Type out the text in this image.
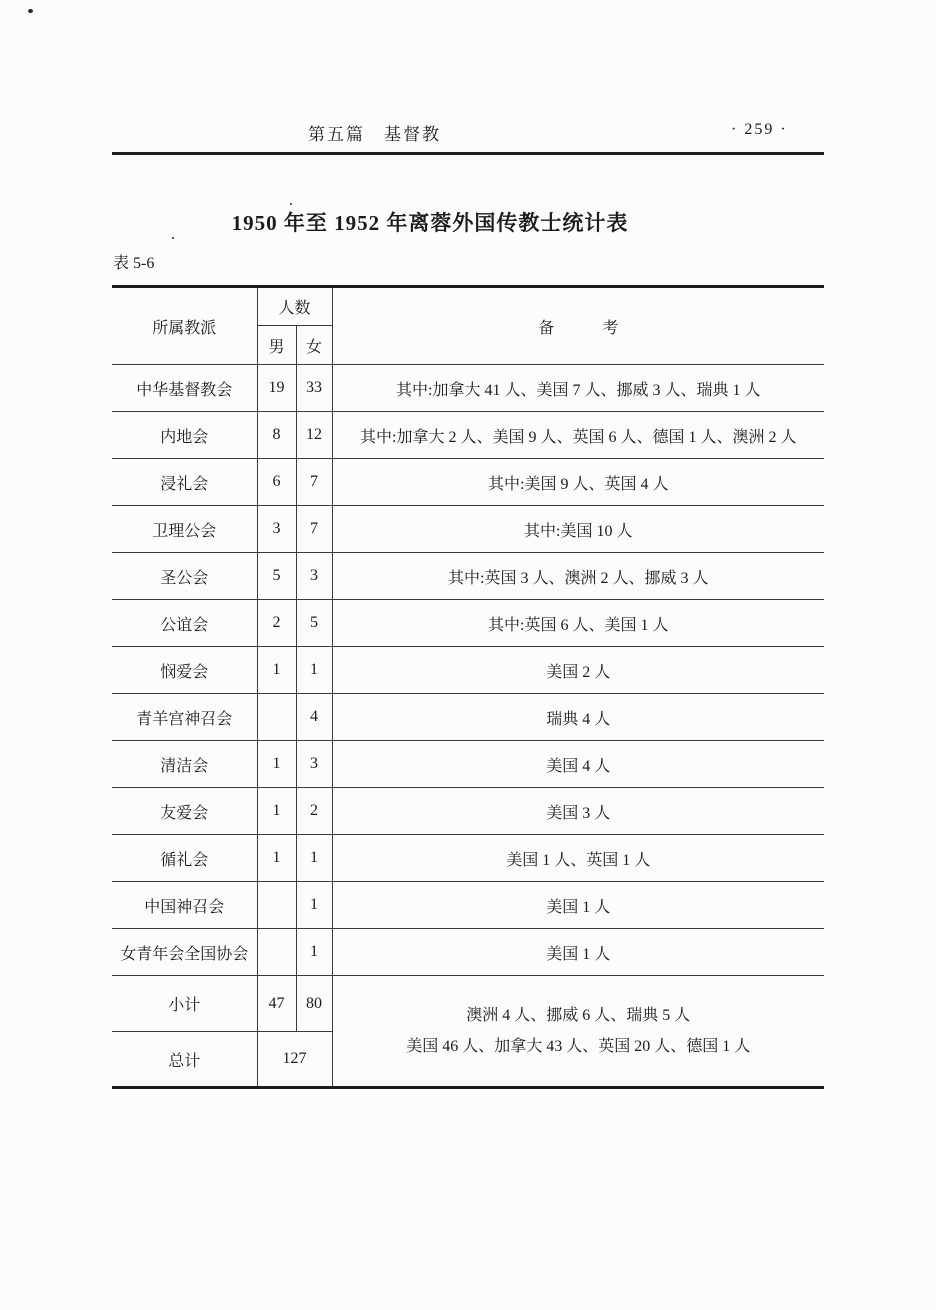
第五篇　基督教	· 259 ·
1950 年至 1952 年离蓉外国传教士统计表
表 5-6
所属教派	人数		备　　　考
	男	女	
中华基督教会	19	33	其中:加拿大 41 人、美国 7 人、挪威 3 人、瑞典 1 人
内地会	8	12	其中:加拿大 2 人、美国 9 人、英国 6 人、德国 1 人、澳洲 2 人
浸礼会	6	7	其中:美国 9 人、英国 4 人
卫理公会	3	7	其中:美国 10 人
圣公会	5	3	其中:英国 3 人、澳洲 2 人、挪威 3 人
公谊会	2	5	其中:英国 6 人、美国 1 人
悯爱会	1	1	美国 2 人
青羊宫神召会		4	瑞典 4 人
清洁会	1	3	美国 4 人
友爱会	1	2	美国 3 人
循礼会	1	1	美国 1 人、英国 1 人
中国神召会		1	美国 1 人
女青年会全国协会		1	美国 1 人
小计	47	80	澳洲 4 人、挪威 6 人、瑞典 5 人
美国 46 人、加拿大 43 人、英国 20 人、德国 1 人

总计	127		
